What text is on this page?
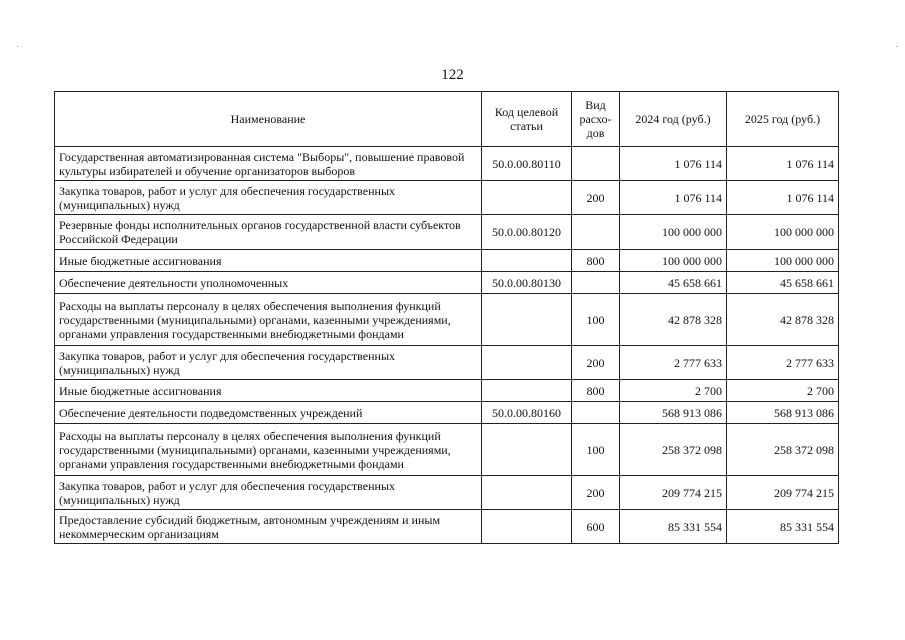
·	·
122
Наименование	Код целевой статьи	Вид расхо-дов	2024 год (руб.)	2025 год (руб.)
Государственная автоматизированная система "Выборы", повышение правовой культуры избирателей и обучение организаторов выборов	50.0.00.80110		1 076 114	1 076 114
Закупка товаров, работ и услуг для обеспечения государственных (муниципальных) нужд		200	1 076 114	1 076 114
Резервные фонды исполнительных органов государственной власти субъектов Российской Федерации	50.0.00.80120		100 000 000	100 000 000
Иные бюджетные ассигнования		800	100 000 000	100 000 000
Обеспечение деятельности уполномоченных	50.0.00.80130		45 658 661	45 658 661
Расходы на выплаты персоналу в целях обеспечения выполнения функций государственными (муниципальными) органами, казенными учреждениями, органами управления государственными внебюджетными фондами		100	42 878 328	42 878 328
Закупка товаров, работ и услуг для обеспечения государственных (муниципальных) нужд		200	2 777 633	2 777 633
Иные бюджетные ассигнования		800	2 700	2 700
Обеспечение деятельности подведомственных учреждений	50.0.00.80160		568 913 086	568 913 086
Расходы на выплаты персоналу в целях обеспечения выполнения функций государственными (муниципальными) органами, казенными учреждениями, органами управления государственными внебюджетными фондами		100	258 372 098	258 372 098
Закупка товаров, работ и услуг для обеспечения государственных (муниципальных) нужд		200	209 774 215	209 774 215
Предоставление субсидий бюджетным, автономным учреждениям и иным некоммерческим организациям		600	85 331 554	85 331 554
